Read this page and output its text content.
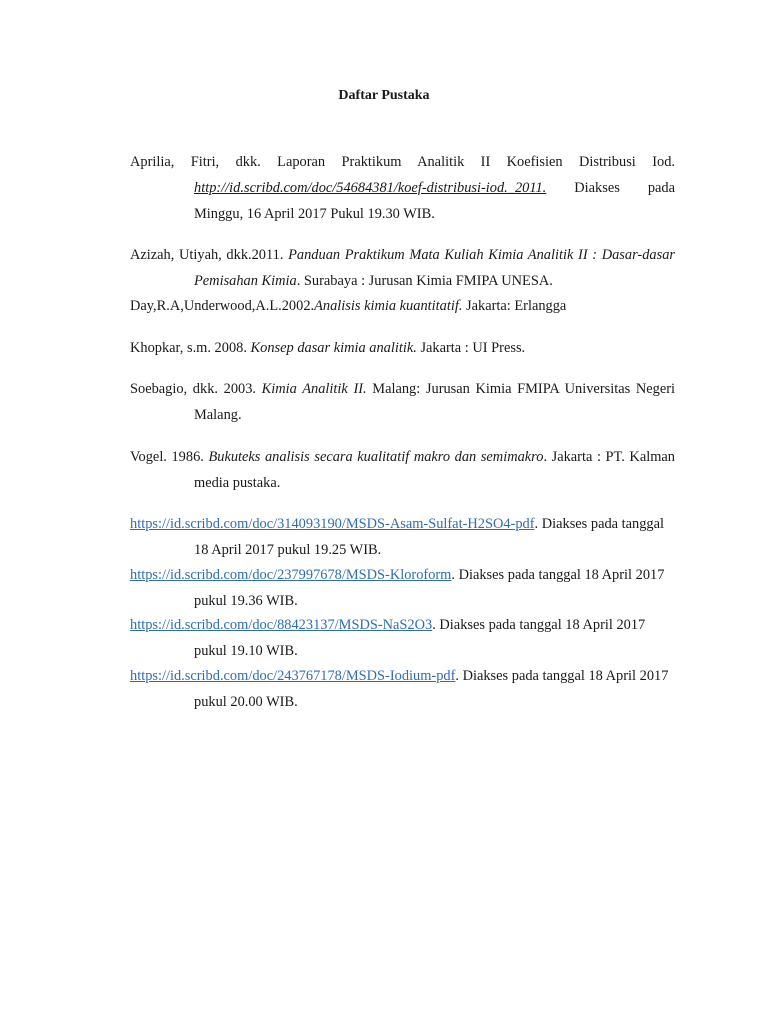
Daftar Pustaka
Aprilia, Fitri, dkk. Laporan Praktikum Analitik II Koefisien Distribusi Iod. http://id.scribd.com/doc/54684381/koef-distribusi-iod._2011. Diakses pada Minggu, 16 April 2017 Pukul 19.30 WIB.
Azizah, Utiyah, dkk.2011. Panduan Praktikum Mata Kuliah Kimia Analitik II : Dasar-dasar Pemisahan Kimia. Surabaya : Jurusan Kimia FMIPA UNESA.
Day,R.A,Underwood,A.L.2002.Analisis kimia kuantitatif. Jakarta: Erlangga
Khopkar, s.m. 2008. Konsep dasar kimia analitik. Jakarta : UI Press.
Soebagio, dkk. 2003. Kimia Analitik II. Malang: Jurusan Kimia FMIPA Universitas Negeri Malang.
Vogel. 1986. Bukuteks analisis secara kualitatif makro dan semimakro. Jakarta : PT. Kalman media pustaka.
https://id.scribd.com/doc/314093190/MSDS-Asam-Sulfat-H2SO4-pdf. Diakses pada tanggal 18 April 2017 pukul 19.25 WIB.
https://id.scribd.com/doc/237997678/MSDS-Kloroform. Diakses pada tanggal 18 April 2017 pukul 19.36 WIB.
https://id.scribd.com/doc/88423137/MSDS-NaS2O3. Diakses pada tanggal 18 April 2017 pukul 19.10 WIB.
https://id.scribd.com/doc/243767178/MSDS-Iodium-pdf. Diakses pada tanggal 18 April 2017 pukul 20.00 WIB.
